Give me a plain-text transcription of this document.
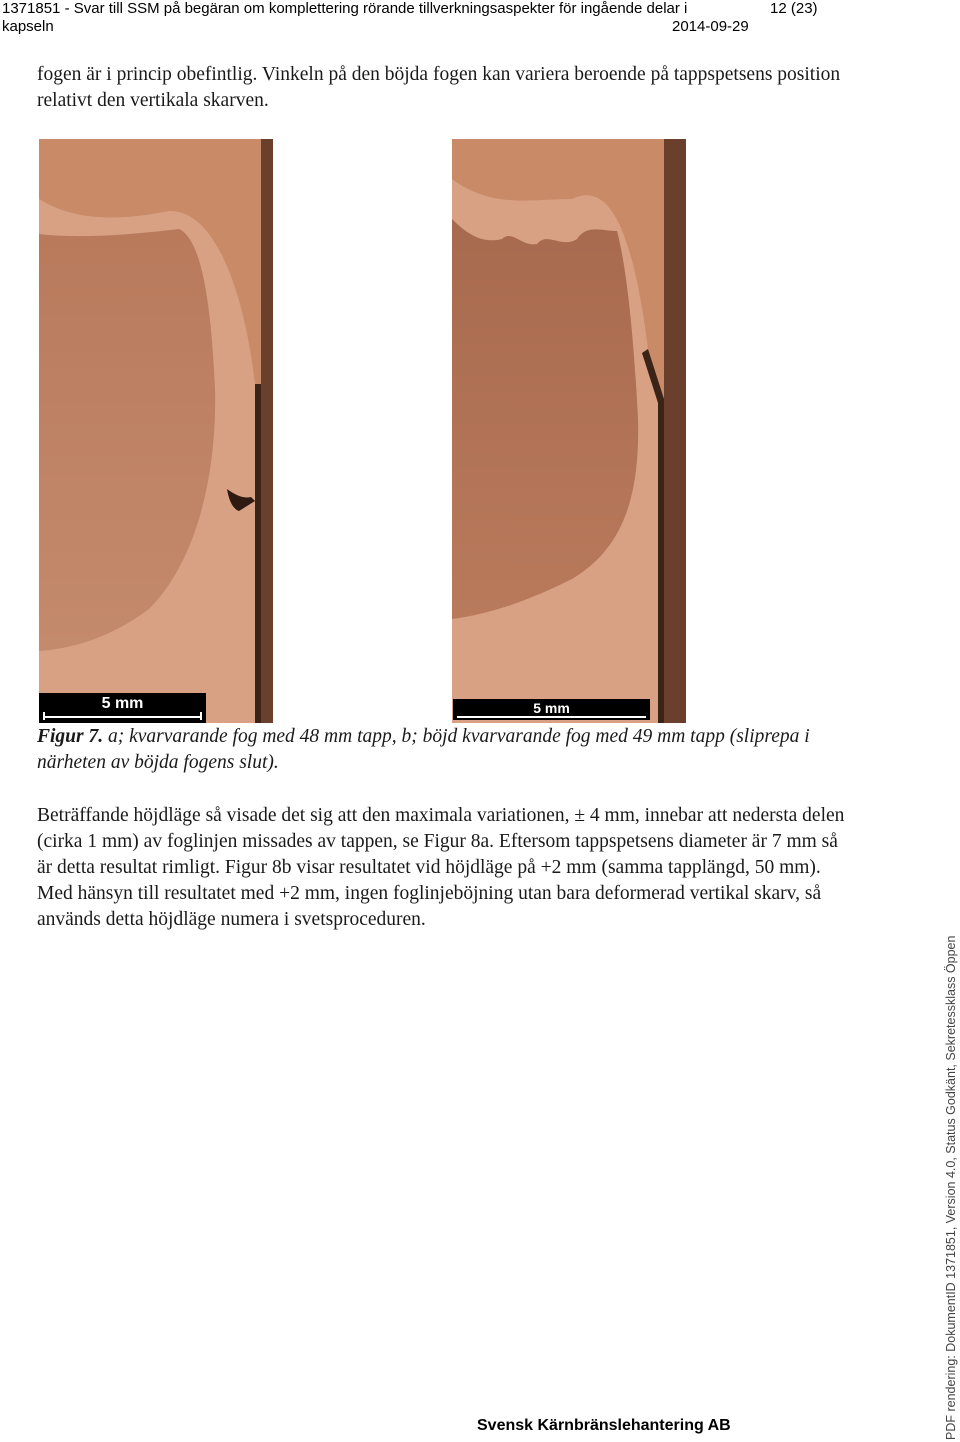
1371851 - Svar till SSM på begäran om komplettering rörande tillverkningsaspekter för ingående delar i
kapseln	2014-09-29
12 (23)
fogen är i princip obefintlig. Vinkeln på den böjda fogen kan variera beroende på tappspetsens position relativt den vertikala skarven.
5 mm	5 mm
Figur 7. a; kvarvarande fog med 48 mm tapp, b; böjd kvarvarande fog med 49 mm tapp (sliprepa i närheten av böjda fogens slut).
Beträffande höjdläge så visade det sig att den maximala variationen, ± 4 mm, innebar att nedersta delen (cirka 1 mm) av foglinjen missades av tappen, se Figur 8a. Eftersom tappspetsens diameter är 7 mm så är detta resultat rimligt. Figur 8b visar resultatet vid höjdläge på +2 mm (samma tapplängd, 50 mm). Med hänsyn till resultatet med +2 mm, ingen foglinjeböjning utan bara deformerad vertikal skarv, så används detta höjdläge numera i svetsproceduren.
Svensk Kärnbränslehantering AB	PDF rendering: DokumentID 1371851, Version 4.0, Status Godkänt, Sekretessklass Öppen
